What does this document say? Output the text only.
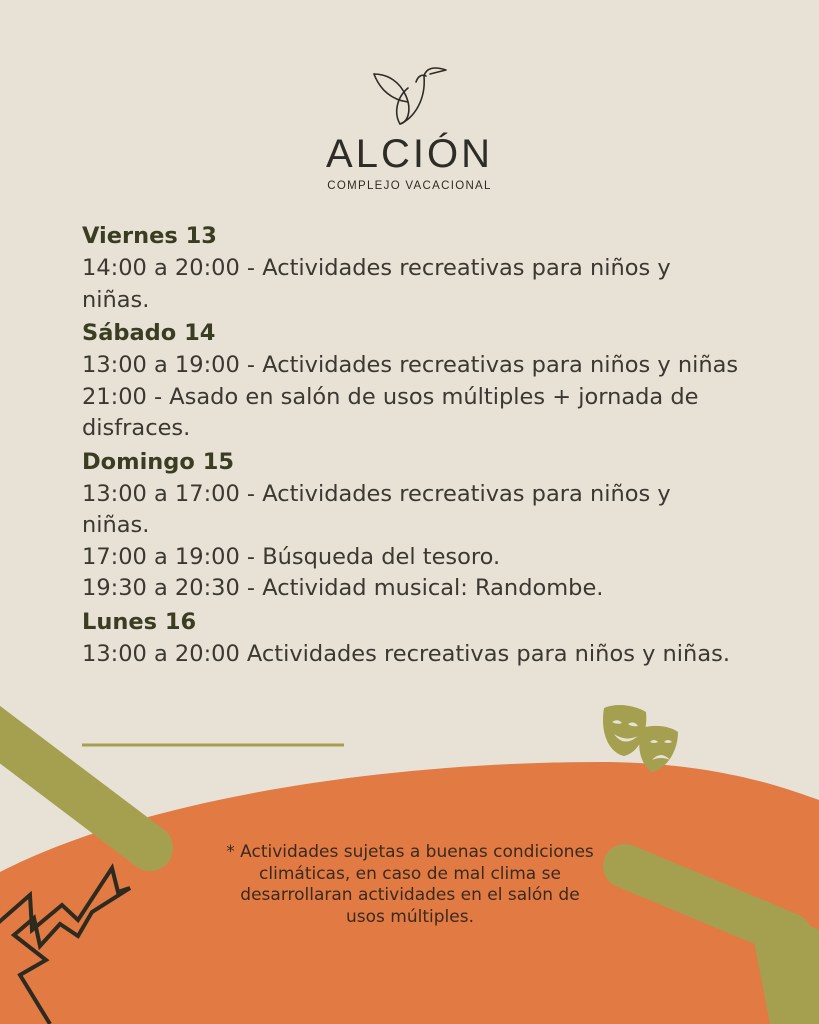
ALCIÓN
COMPLEJO VACACIONAL

Viernes 13

14:00 a 20:00 - Actividades recreativas para niños y niñas.

Sábado 14

13:00 a 19:00 - Actividades recreativas para niños y niñas

21:00 - Asado en salón de usos múltiples + jornada de disfraces.

Domingo 15

13:00 a 17:00 - Actividades recreativas para niños y niñas.

17:00 a 19:00 - Búsqueda del tesoro.

19:30 a 20:30 - Actividad musical: Randombe.

Lunes 16

13:00 a 20:00 Actividades recreativas para niños y niñas.

* Actividades sujetas a buenas condiciones climáticas, en caso de mal clima se desarrollaran actividades en el salón de usos múltiples.
